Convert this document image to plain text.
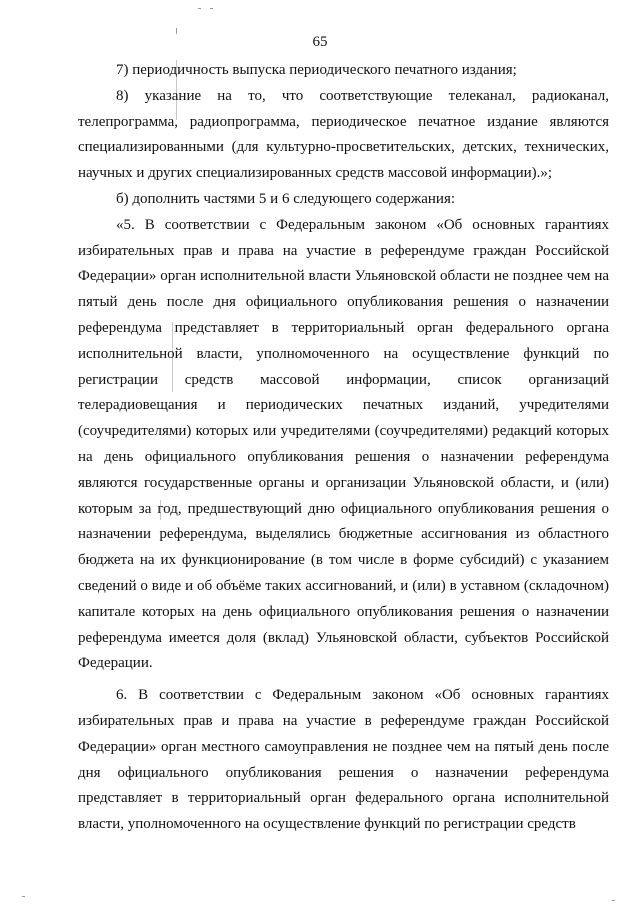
65

7) периодичность выпуска периодического печатного издания;

8) указание на то, что соответствующие телеканал, радиоканал, телепрограмма, радиопрограмма, периодическое печатное издание являются специализированными (для культурно-просветительских, детских, технических, научных и других специализированных средств массовой информации).»;

б) дополнить частями 5 и 6 следующего содержания:

«5. В соответствии с Федеральным законом «Об основных гарантиях избирательных прав и права на участие в референдуме граждан Российской Федерации» орган исполнительной власти Ульяновской области не позднее чем на пятый день после дня официального опубликования решения о назначении референдума представляет в территориальный орган федерального органа исполнительной власти, уполномоченного на осуществление функций по регистрации средств массовой информации, список организаций телерадиовещания и периодических печатных изданий, учредителями (соучредителями) которых или учредителями (соучредителями) редакций которых на день официального опубликования решения о назначении референдума являются государственные органы и организации Ульяновской области, и (или) которым за год, предшествующий дню официального опубликования решения о назначении референдума, выделялись бюджетные ассигнования из областного бюджета на их функционирование (в том числе в форме субсидий) с указанием сведений о виде и об объёме таких ассигнований, и (или) в уставном (складочном) капитале которых на день официального опубликования решения о назначении референдума имеется доля (вклад) Ульяновской области, субъектов Российской Федерации.

6. В соответствии с Федеральным законом «Об основных гарантиях избирательных прав и права на участие в референдуме граждан Российской Федерации» орган местного самоуправления не позднее чем на пятый день после дня официального опубликования решения о назначении референдума представляет в территориальный орган федерального органа исполнительной власти, уполномоченного на осуществление функций по регистрации средств
